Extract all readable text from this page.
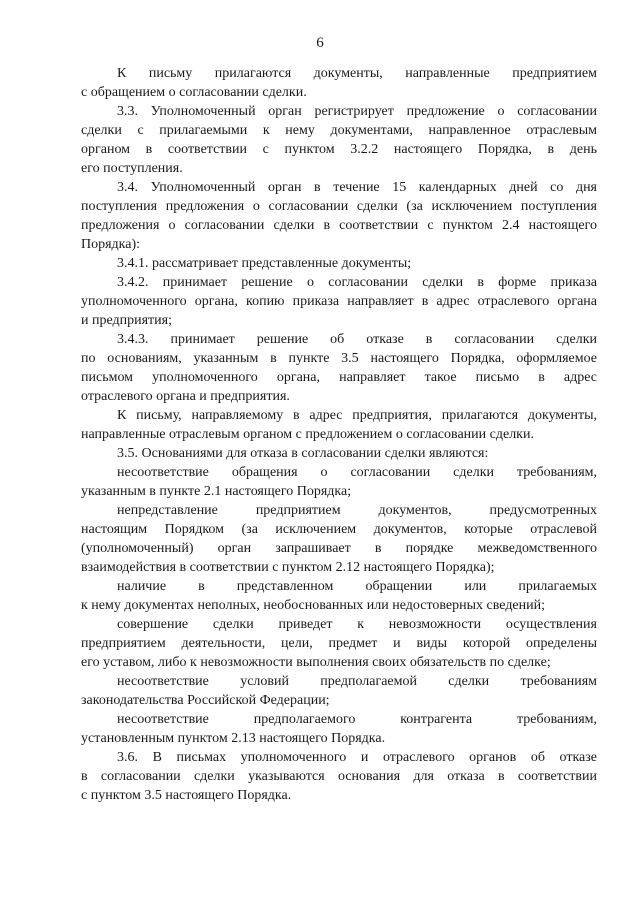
6
К письму прилагаются документы, направленные предприятием
с обращением о согласовании сделки.
3.3. Уполномоченный орган регистрирует предложение о согласовании
сделки с прилагаемыми к нему документами, направленное отраслевым
органом в соответствии с пунктом 3.2.2 настоящего Порядка, в день
его поступления.
3.4. Уполномоченный орган в течение 15 календарных дней со дня
поступления предложения о согласовании сделки (за исключением поступления
предложения о согласовании сделки в соответствии с пунктом 2.4 настоящего
Порядка):
3.4.1. рассматривает представленные документы;
3.4.2. принимает решение о согласовании сделки в форме приказа
уполномоченного органа, копию приказа направляет в адрес отраслевого органа
и предприятия;
3.4.3. принимает решение об отказе в согласовании сделки
по основаниям, указанным в пункте 3.5 настоящего Порядка, оформляемое
письмом уполномоченного органа, направляет такое письмо в адрес
отраслевого органа и предприятия.
К письму, направляемому в адрес предприятия, прилагаются документы,
направленные отраслевым органом с предложением о согласовании сделки.
3.5. Основаниями для отказа в согласовании сделки являются:
несоответствие обращения о согласовании сделки требованиям,
указанным в пункте 2.1 настоящего Порядка;
непредставление предприятием документов, предусмотренных
настоящим Порядком (за исключением документов, которые отраслевой
(уполномоченный) орган запрашивает в порядке межведомственного
взаимодействия в соответствии с пунктом 2.12 настоящего Порядка);
наличие в представленном обращении или прилагаемых
к нему документах неполных, необоснованных или недостоверных сведений;
совершение сделки приведет к невозможности осуществления
предприятием деятельности, цели, предмет и виды которой определены
его уставом, либо к невозможности выполнения своих обязательств по сделке;
несоответствие условий предполагаемой сделки требованиям
законодательства Российской Федерации;
несоответствие предполагаемого контрагента требованиям,
установленным пунктом 2.13 настоящего Порядка.
3.6. В письмах уполномоченного и отраслевого органов об отказе
в согласовании сделки указываются основания для отказа в соответствии
с пунктом 3.5 настоящего Порядка.
